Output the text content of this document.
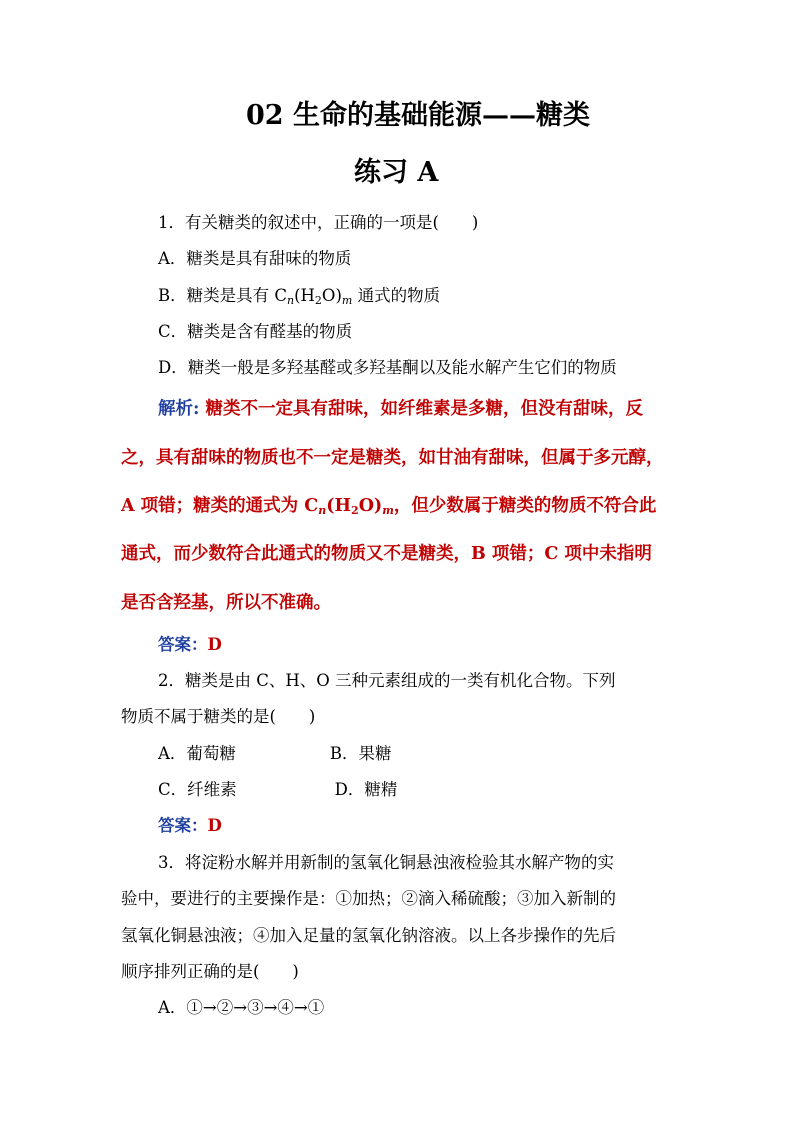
02 生命的基础能源——糖类
练习 A
1．有关糖类的叙述中，正确的一项是(　　)
A．糖类是具有甜味的物质
B．糖类是具有 $C_n(H_2O)_m$ 通式的物质
C．糖类是含有醛基的物质
D．糖类一般是多羟基醛或多羟基酮以及能水解产生它们的物质
解析: 糖类不一定具有甜味，如纤维素是多糖，但没有甜味，反
之，具有甜味的物质也不一定是糖类，如甘油有甜味，但属于多元醇，
A 项错；糖类的通式为 $C_n(H_2O)_m$，但少数属于糖类的物质不符合此
通式，而少数符合此通式的物质又不是糖类，B 项错；C 项中未指明
是否含羟基，所以不准确。
答案：D
2．糖类是由 C、H、O 三种元素组成的一类有机化合物。下列
物质不属于糖类的是(　　)
A．葡萄糖	B．果糖
C．纤维素	D．糖精
答案：D
3．将淀粉水解并用新制的氢氧化铜悬浊液检验其水解产物的实
验中，要进行的主要操作是：①加热；②滴入稀硫酸；③加入新制的
氢氧化铜悬浊液；④加入足量的氢氧化钠溶液。以上各步操作的先后
顺序排列正确的是(　　)
A．①→②→③→④→①
